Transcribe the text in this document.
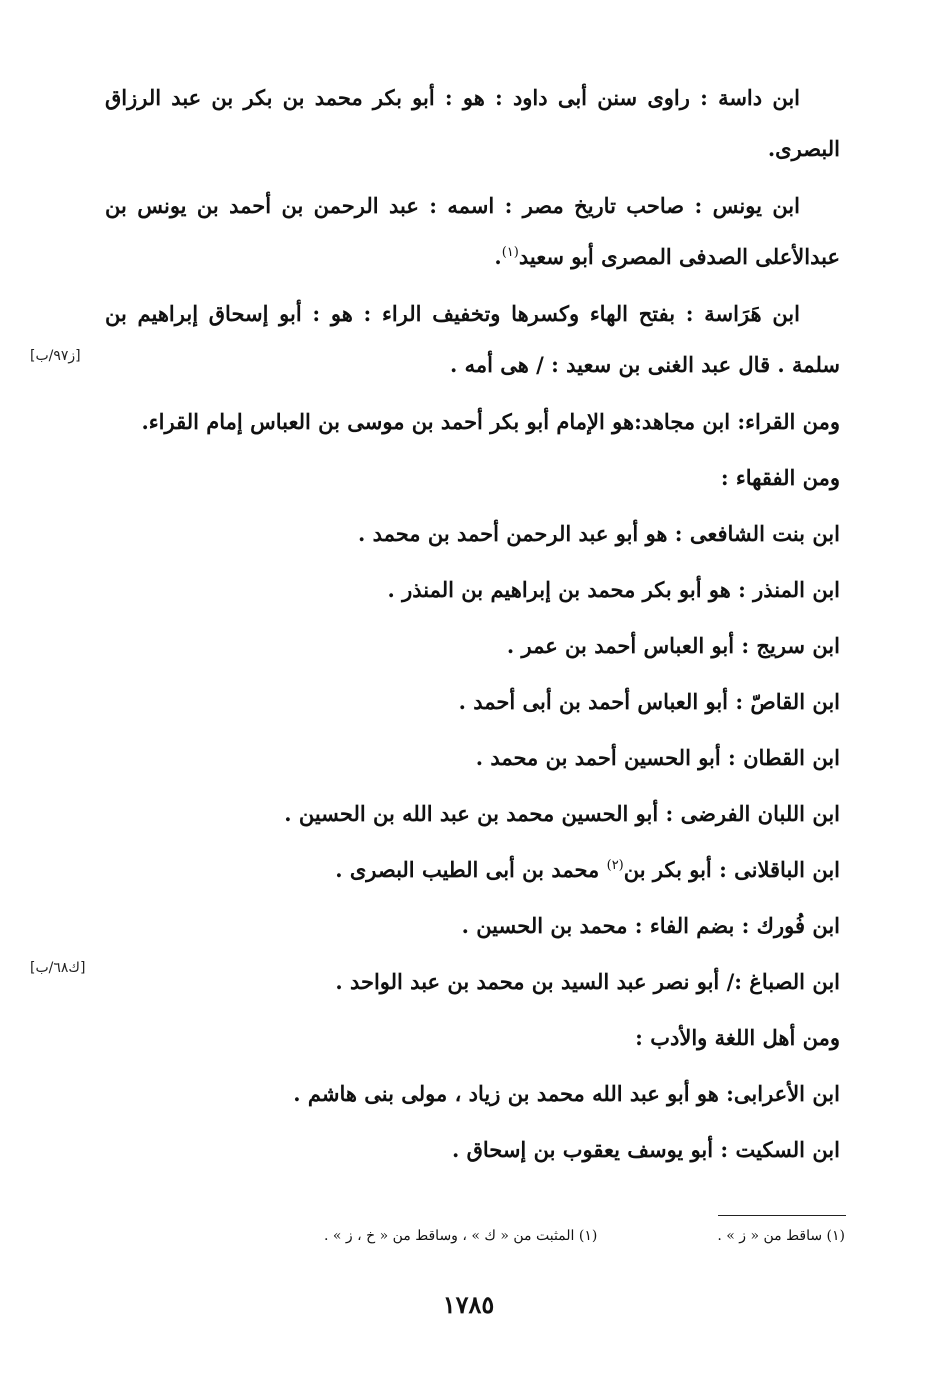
ابن داسة : راوى سنن أبى داود : هو : أبو بكر محمد بن بكر بن عبد الرزاق البصرى.

ابن يونس : صاحب تاريخ مصر : اسمه : عبد الرحمن بن أحمد بن يونس بن عبدالأعلى الصدفى المصرى أبو سعيد$^{(١)}$.

ابن هَرَاسة : بفتح الهاء وكسرها وتخفيف الراء : هو : أبو إسحاق إبراهيم بن سلمة . قال عبد الغنى بن سعيد : / هى أمه .

ومن القراء: ابن مجاهد:هو الإمام أبو بكر أحمد بن موسى بن العباس إمام القراء.

ومن الفقهاء :

ابن بنت الشافعى : هو أبو عبد الرحمن أحمد بن محمد .

ابن المنذر : هو أبو بكر محمد بن إبراهيم بن المنذر .

ابن سريج : أبو العباس أحمد بن عمر .

ابن القاصّ : أبو العباس أحمد بن أبى أحمد .

ابن القطان : أبو الحسين أحمد بن محمد .

ابن اللبان الفرضى : أبو الحسين محمد بن عبد الله بن الحسين .

ابن الباقلانى : أبو بكر بن$^{(٢)}$ محمد بن أبى الطيب البصرى .

ابن فُورك : بضم الفاء : محمد بن الحسين .

ابن الصباغ :/ أبو نصر عبد السيد بن محمد بن عبد الواحد .

ومن أهل اللغة والأدب :

ابن الأعرابى: هو أبو عبد الله محمد بن زياد ، مولى بنى هاشم .

ابن السكيت : أبو يوسف يعقوب بن إسحاق .

[ز٩٧/ب]
[ك٦٨/ب]
(١) ساقط من « ز » .
(١) المثبت من « ك » ، وساقط من « خ ، ز » .
١٧٨٥
